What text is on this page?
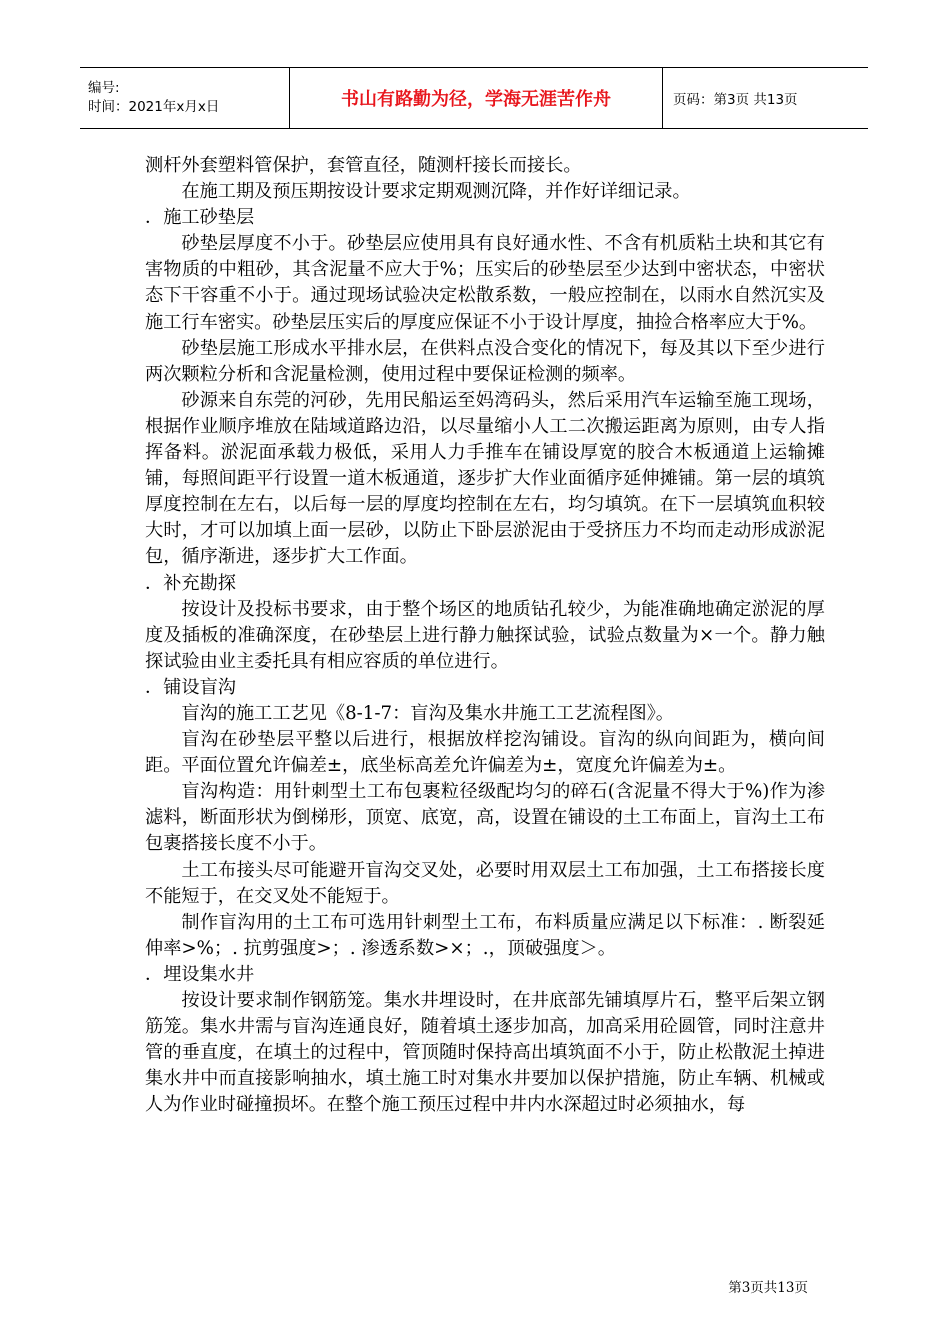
编号:
时间：2021年x月x日	书山有路勤为径，学海无涯苦作舟	页码：第3页 共13页

测杆外套塑料管保护，套管直径，随测杆接长而接长。

在施工期及预压期按设计要求定期观测沉降，并作好详细记录。

．施工砂垫层

砂垫层厚度不小于。砂垫层应使用具有良好通水性、不含有机质粘土块和其它有害物质的中粗砂，其含泥量不应大于%；压实后的砂垫层至少达到中密状态，中密状态下干容重不小于。通过现场试验决定松散系数，一般应控制在，以雨水自然沉实及施工行车密实。砂垫层压实后的厚度应保证不小于设计厚度，抽捡合格率应大于%。

砂垫层施工形成水平排水层，在供料点没合变化的情况下，每及其以下至少进行两次颗粒分析和含泥量检测，使用过程中要保证检测的频率。

砂源来自东莞的河砂，先用民船运至妈湾码头，然后采用汽车运输至施工现场，根据作业顺序堆放在陆域道路边沿，以尽量缩小人工二次搬运距离为原则，由专人指挥备料。淤泥面承载力极低，采用人力手推车在铺设厚宽的胶合木板通道上运输摊铺，每照间距平行设置一道木板通道，逐步扩大作业面循序延伸摊铺。第一层的填筑厚度控制在左右，以后每一层的厚度均控制在左右，均匀填筑。在下一层填筑血积较大时，才可以加填上面一层砂，以防止下卧层淤泥由于受挤压力不均而走动形成淤泥包，循序渐进，逐步扩大工作面。

．补充勘探

按设计及投标书要求，由于整个场区的地质钻孔较少，为能准确地确定淤泥的厚度及插板的准确深度，在砂垫层上进行静力触探试验，试验点数量为×一个。静力触探试验由业主委托具有相应容质的单位进行。

．铺设盲沟

盲沟的施工工艺见《8-1-7：盲沟及集水井施工工艺流程图》。

盲沟在砂垫层平整以后进行，根据放样挖沟铺设。盲沟的纵向间距为，横向间距。平面位置允许偏差±，底坐标高差允许偏差为±，宽度允许偏差为±。

盲沟构造：用针刺型土工布包裹粒径级配均匀的碎石(含泥量不得大于%)作为渗滤料，断面形状为倒梯形，顶宽、底宽，高，设置在铺设的土工布面上，盲沟土工布包裹搭接长度不小于。

土工布接头尽可能避开盲沟交叉处，必要时用双层土工布加强，土工布搭接长度不能短于，在交叉处不能短于。

制作盲沟用的土工布可选用针刺型土工布，布料质量应满足以下标准：. 断裂延伸率>%；. 抗剪强度>；. 渗透系数>×；.，顶破强度＞。

．埋设集水井

按设计要求制作钢筋笼。集水井埋设时，在井底部先铺填厚片石，整平后架立钢筋笼。集水井需与盲沟连通良好，随着填土逐步加高，加高采用砼圆管，同时注意井管的垂直度，在填土的过程中，管顶随时保持高出填筑面不小于，防止松散泥土掉进集水井中而直接影响抽水，填土施工时对集水井要加以保护措施，防止车辆、机械或人为作业时碰撞损坏。在整个施工预压过程中井内水深超过时必须抽水，每

第3页共13页
